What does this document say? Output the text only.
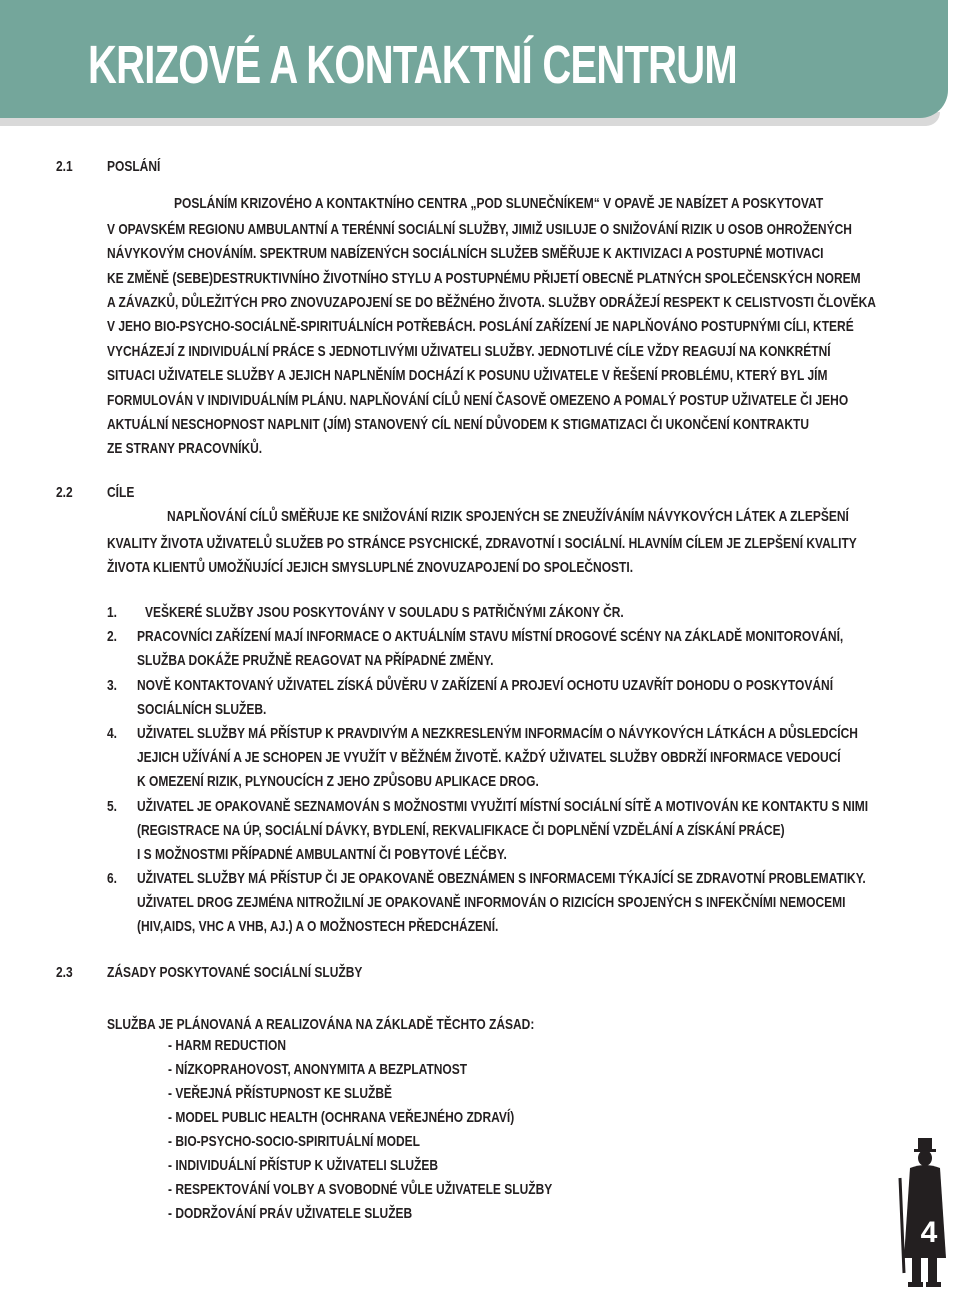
KRIZOVÉ A KONTAKTNÍ CENTRUM
2.1 POSLÁNÍ
POSLÁNÍM KRIZOVÉHO A KONTAKTNÍHO CENTRA „POD SLUNEČNÍKEM“ V OPAVĚ JE NABÍZET A POSKYTOVAT
V OPAVSKÉM REGIONU AMBULANTNÍ A TERÉNNÍ SOCIÁLNÍ SLUŽBY, JIMIŽ USILUJE O SNIŽOVÁNÍ RIZIK U OSOB OHROŽENÝCH
NÁVYKOVÝM CHOVÁNÍM. SPEKTRUM NABÍZENÝCH SOCIÁLNÍCH SLUŽEB SMĚŘUJE K AKTIVIZACI A POSTUPNÉ MOTIVACI
KE ZMĚNĚ (SEBE)DESTRUKTIVNÍHO ŽIVOTNÍHO STYLU A POSTUPNÉMU PŘIJETÍ OBECNĚ PLATNÝCH SPOLEČENSKÝCH NOREM
A ZÁVAZKŮ, DŮLEŽITÝCH PRO ZNOVUZAPOJENÍ SE DO BĚŽNÉHO ŽIVOTA. SLUŽBY ODRÁŽEJÍ RESPEKT K CELISTVOSTI ČLOVĚKA
V JEHO BIO-PSYCHO-SOCIÁLNĚ-SPIRITUÁLNÍCH POTŘEBÁCH. POSLÁNÍ ZAŘÍZENÍ JE NAPLŇOVÁNO POSTUPNÝMI CÍLI, KTERÉ
VYCHÁZEJÍ Z INDIVIDUÁLNÍ PRÁCE S JEDNOTLIVÝMI UŽIVATELI SLUŽBY. JEDNOTLIVÉ CÍLE VŽDY REAGUJÍ NA KONKRÉTNÍ
SITUACI UŽIVATELE SLUŽBY A JEJICH NAPLNĚNÍM DOCHÁZÍ K POSUNU UŽIVATELE V ŘEŠENÍ PROBLÉMU, KTERÝ BYL JÍM
FORMULOVÁN V INDIVIDUÁLNÍM PLÁNU. NAPLŇOVÁNÍ CÍLŮ NENÍ ČASOVĚ OMEZENO A POMALÝ POSTUP UŽIVATELE ČI JEHO
AKTUÁLNÍ NESCHOPNOST NAPLNIT (JÍM) STANOVENÝ CÍL NENÍ DŮVODEM K STIGMATIZACI ČI UKONČENÍ KONTRAKTU
ZE STRANY PRACOVNÍKŮ.
2.2 CÍLE
NAPLŇOVÁNÍ CÍLŮ SMĚŘUJE KE SNIŽOVÁNÍ RIZIK SPOJENÝCH SE ZNEUŽÍVÁNÍM NÁVYKOVÝCH LÁTEK A ZLEPŠENÍ
KVALITY ŽIVOTA UŽIVATELŮ SLUŽEB PO STRÁNCE PSYCHICKÉ, ZDRAVOTNÍ I SOCIÁLNÍ. HLAVNÍM CÍLEM JE ZLEPŠENÍ KVALITY
ŽIVOTA KLIENTŮ UMOŽŇUJÍCÍ JEJICH SMYSLUPLNÉ ZNOVUZAPOJENÍ DO SPOLEČNOSTI.
1. VEŠKERÉ SLUŽBY JSOU POSKYTOVÁNY V SOULADU S PATŘIČNÝMI ZÁKONY ČR.
2. PRACOVNÍCI ZAŘÍZENÍ MAJÍ INFORMACE O AKTUÁLNÍM STAVU MÍSTNÍ DROGOVÉ SCÉNY NA ZÁKLADĚ MONITOROVÁNÍ,
SLUŽBA DOKÁŽE PRUŽNĚ REAGOVAT NA PŘÍPADNÉ ZMĚNY.
3. NOVĚ KONTAKTOVANÝ UŽIVATEL ZÍSKÁ DŮVĚRU V ZAŘÍZENÍ A PROJEVÍ OCHOTU UZAVŘÍT DOHODU O POSKYTOVÁNÍ
SOCIÁLNÍCH SLUŽEB.
4. UŽIVATEL SLUŽBY MÁ PŘÍSTUP K PRAVDIVÝM A NEZKRESLENÝM INFORMACÍM O NÁVYKOVÝCH LÁTKÁCH A DŮSLEDCÍCH
JEJICH UŽÍVÁNÍ A JE SCHOPEN JE VYUŽÍT V BĚŽNÉM ŽIVOTĚ. KAŽDÝ UŽIVATEL SLUŽBY OBDRŽÍ INFORMACE VEDOUCÍ
K OMEZENÍ RIZIK, PLYNOUCÍCH Z JEHO ZPŮSOBU APLIKACE DROG.
5. UŽIVATEL JE OPAKOVANĚ SEZNAMOVÁN S MOŽNOSTMI VYUŽITÍ MÍSTNÍ SOCIÁLNÍ SÍTĚ A MOTIVOVÁN KE KONTAKTU S NIMI
(REGISTRACE NA ÚP, SOCIÁLNÍ DÁVKY, BYDLENÍ, REKVALIFIKACE ČI DOPLNĚNÍ VZDĚLÁNÍ A ZÍSKÁNÍ PRÁCE)
I S MOŽNOSTMI PŘÍPADNÉ AMBULANTNÍ ČI POBYTOVÉ LÉČBY.
6. UŽIVATEL SLUŽBY MÁ PŘÍSTUP ČI JE OPAKOVANĚ OBEZNÁMEN S INFORMACEMI TÝKAJÍCÍ SE ZDRAVOTNÍ PROBLEMATIKY.
UŽIVATEL DROG ZEJMÉNA NITROŽILNÍ JE OPAKOVANĚ INFORMOVÁN O RIZICÍCH SPOJENÝCH S INFEKČNÍMI NEMOCEMI
(HIV,AIDS, VHC A VHB, AJ.) A O MOŽNOSTECH PŘEDCHÁZENÍ.
2.3 ZÁSADY POSKYTOVANÉ SOCIÁLNÍ SLUŽBY
SLUŽBA JE PLÁNOVANÁ A REALIZOVÁNA NA ZÁKLADĚ TĚCHTO ZÁSAD:
- HARM REDUCTION
- NÍZKOPRAHOVOST, ANONYMITA A BEZPLATNOST
- VEŘEJNÁ PŘÍSTUPNOST KE SLUŽBĚ
- MODEL PUBLIC HEALTH (OCHRANA VEŘEJNÉHO ZDRAVÍ)
- BIO-PSYCHO-SOCIO-SPIRITUÁLNÍ MODEL
- INDIVIDUÁLNÍ PŘÍSTUP K UŽIVATELI SLUŽEB
- RESPEKTOVÁNÍ VOLBY A SVOBODNÉ VŮLE UŽIVATELE SLUŽBY
- DODRŽOVÁNÍ PRÁV UŽIVATELE SLUŽEB
4
